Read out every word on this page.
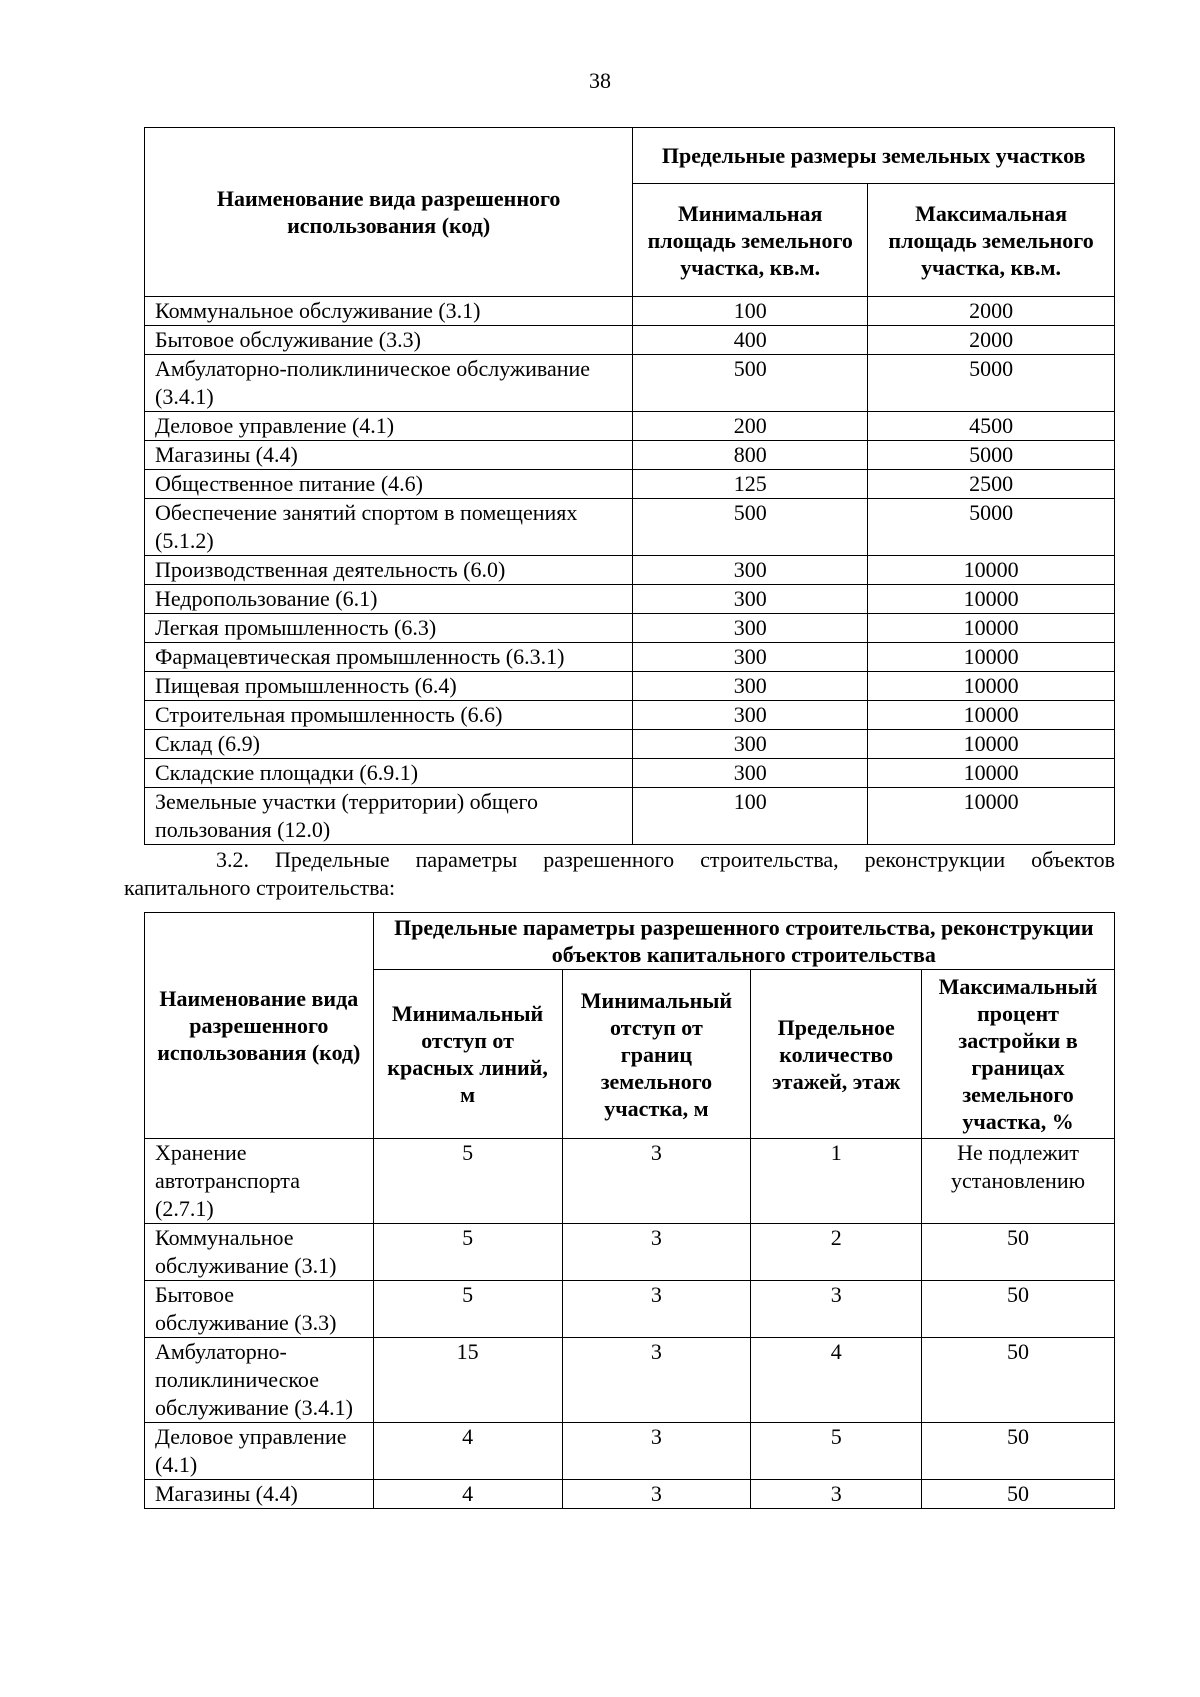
38
Наименование вида разрешенного использования (код)	Предельные размеры земельных участков	
	Минимальная площадь земельного участка, кв.м.	Максимальная площадь земельного участка, кв.м.
Коммунальное обслуживание (3.1)	100	2000
Бытовое обслуживание (3.3)	400	2000
Амбулаторно-поликлиническое обслуживание (3.4.1)	500	5000
Деловое управление (4.1)	200	4500
Магазины (4.4)	800	5000
Общественное питание (4.6)	125	2500
Обеспечение занятий спортом в помещениях (5.1.2)	500	5000
Производственная деятельность (6.0)	300	10000
Недропользование (6.1)	300	10000
Легкая промышленность (6.3)	300	10000
Фармацевтическая промышленность (6.3.1)	300	10000
Пищевая промышленность (6.4)	300	10000
Строительная промышленность (6.6)	300	10000
Склад (6.9)	300	10000
Складские площадки (6.9.1)	300	10000
Земельные участки (территории) общего пользования (12.0)	100	10000
3.2. Предельные параметры разрешенного строительства, реконструкции объектов
капитального строительства:
Наименование вида разрешенного использования (код)	Предельные параметры разрешенного строительства, реконструкции объектов капитального строительства			
	Минимальный отступ от красных линий, м	Минимальный отступ от границ земельного участка, м	Предельное количество этажей, этаж	Максимальный процент застройки в границах земельного участка, %
Хранение автотранспорта (2.7.1)	5	3	1	Не подлежит установлению
Коммунальное обслуживание (3.1)	5	3	2	50
Бытовое обслуживание (3.3)	5	3	3	50
Амбулаторно-поликлиническое обслуживание (3.4.1)	15	3	4	50
Деловое управление (4.1)	4	3	5	50
Магазины (4.4)	4	3	3	50
